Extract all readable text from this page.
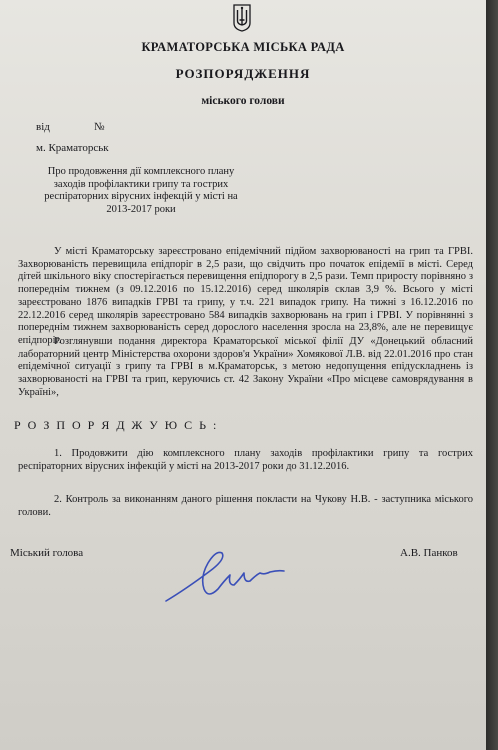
КРАМАТОРСЬКА МІСЬКА РАДА
РОЗПОРЯДЖЕННЯ
міського голови
від	№
м. Краматорськ
Про продовження дії комплексного плану заходів профілактики грипу та гострих респіраторних вірусних інфекцій у місті на 2013-2017 роки

У місті Краматорську зареєстровано епідемічний підйом захворюваності на грип та ГРВІ. Захворюваність перевищила епідпоріг в 2,5 рази, що свідчить про початок епідемії в місті. Серед дітей шкільного віку спостерігається перевищення епідпорогу в 2,5 рази. Темп приросту порівняно з попереднім тижнем (з 09.12.2016 по 15.12.2016) серед школярів склав 3,9 %. Всього у місті зареєстровано 1876 випадків ГРВІ та грипу, у т.ч. 221 випадок грипу. На тижні з 16.12.2016 по 22.12.2016 серед школярів зареєстровано 584 випадків захворювань на грип і ГРВІ. У порівнянні з попереднім тижнем захворюваність серед дорослого населення зросла на 23,8%, але не перевищує епідпоріг.

Розглянувши подання директора Краматорської міської філії ДУ «Донецький обласний лабораторний центр Міністерства охорони здоров'я України» Хомякової Л.В. від 22.01.2016 про стан епідемічної ситуації з грипу та ГРВІ в м.Краматорськ, з метою недопущення епідускладнень із захворюваності на ГРВІ та грип, керуючись ст. 42 Закону України «Про місцеве самоврядування в Україні»,

Р О З П О Р Я Д Ж У Ю С Ь :

1. Продовжити дію комплексного плану заходів профілактики грипу та гострих респіраторних вірусних інфекцій у місті на 2013-2017 роки до 31.12.2016.

2. Контроль за виконанням даного рішення покласти на Чукову Н.В. - заступника міського голови.

Міський голова	А.В. Панков
